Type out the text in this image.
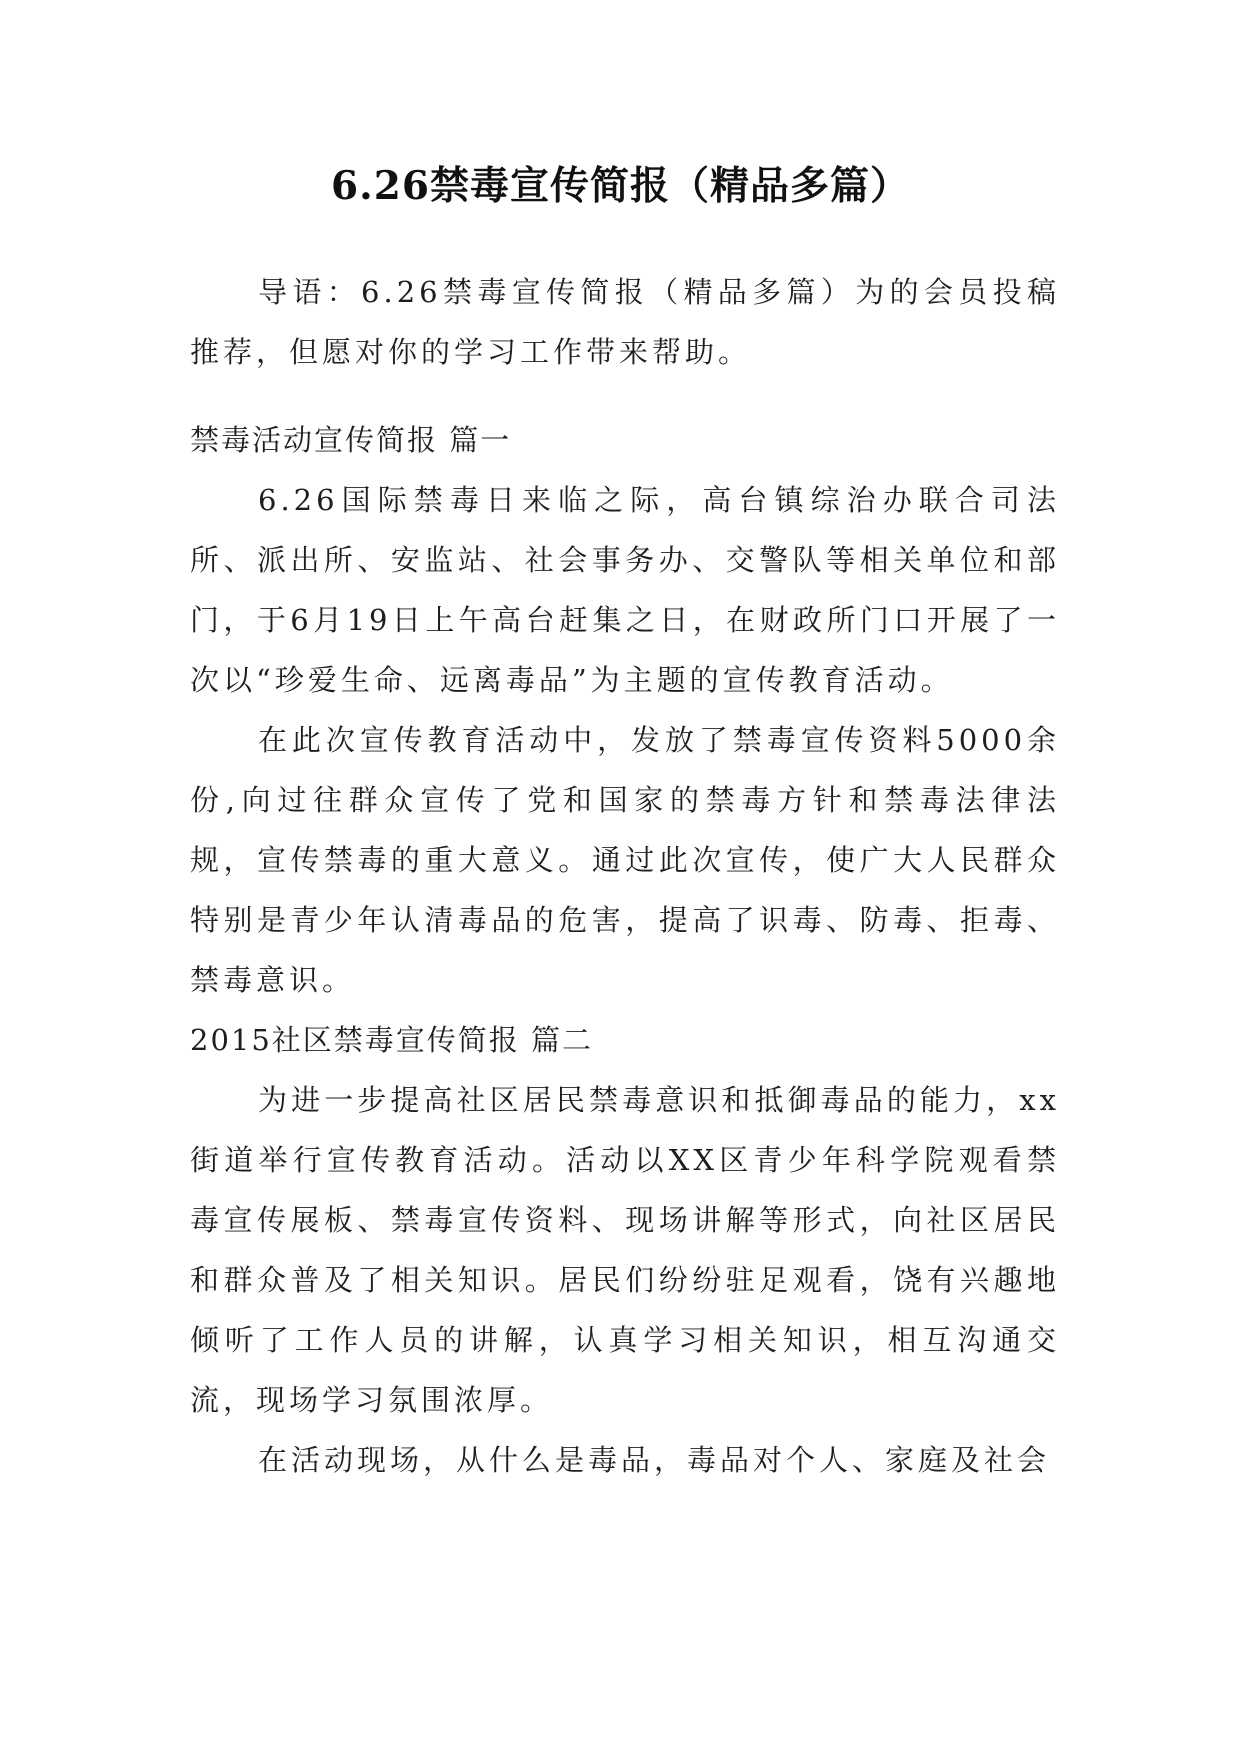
6.26禁毒宣传简报（精品多篇）

导语：6.26禁毒宣传简报（精品多篇）为的会员投稿推荐，但愿对你的学习工作带来帮助。

禁毒活动宣传简报 篇一

6.26国际禁毒日来临之际，高台镇综治办联合司法所、派出所、安监站、社会事务办、交警队等相关单位和部门，于6月19日上午高台赶集之日，在财政所门口开展了一次以“珍爱生命、远离毒品”为主题的宣传教育活动。

在此次宣传教育活动中，发放了禁毒宣传资料5000余份,向过往群众宣传了党和国家的禁毒方针和禁毒法律法规，宣传禁毒的重大意义。通过此次宣传，使广大人民群众特别是青少年认清毒品的危害，提高了识毒、防毒、拒毒、禁毒意识。

2015社区禁毒宣传简报 篇二

为进一步提高社区居民禁毒意识和抵御毒品的能力，xx街道举行宣传教育活动。活动以XX区青少年科学院观看禁毒宣传展板、禁毒宣传资料、现场讲解等形式，向社区居民和群众普及了相关知识。居民们纷纷驻足观看，饶有兴趣地倾听了工作人员的讲解，认真学习相关知识，相互沟通交流，现场学习氛围浓厚。

在活动现场，从什么是毒品，毒品对个人、家庭及社会
